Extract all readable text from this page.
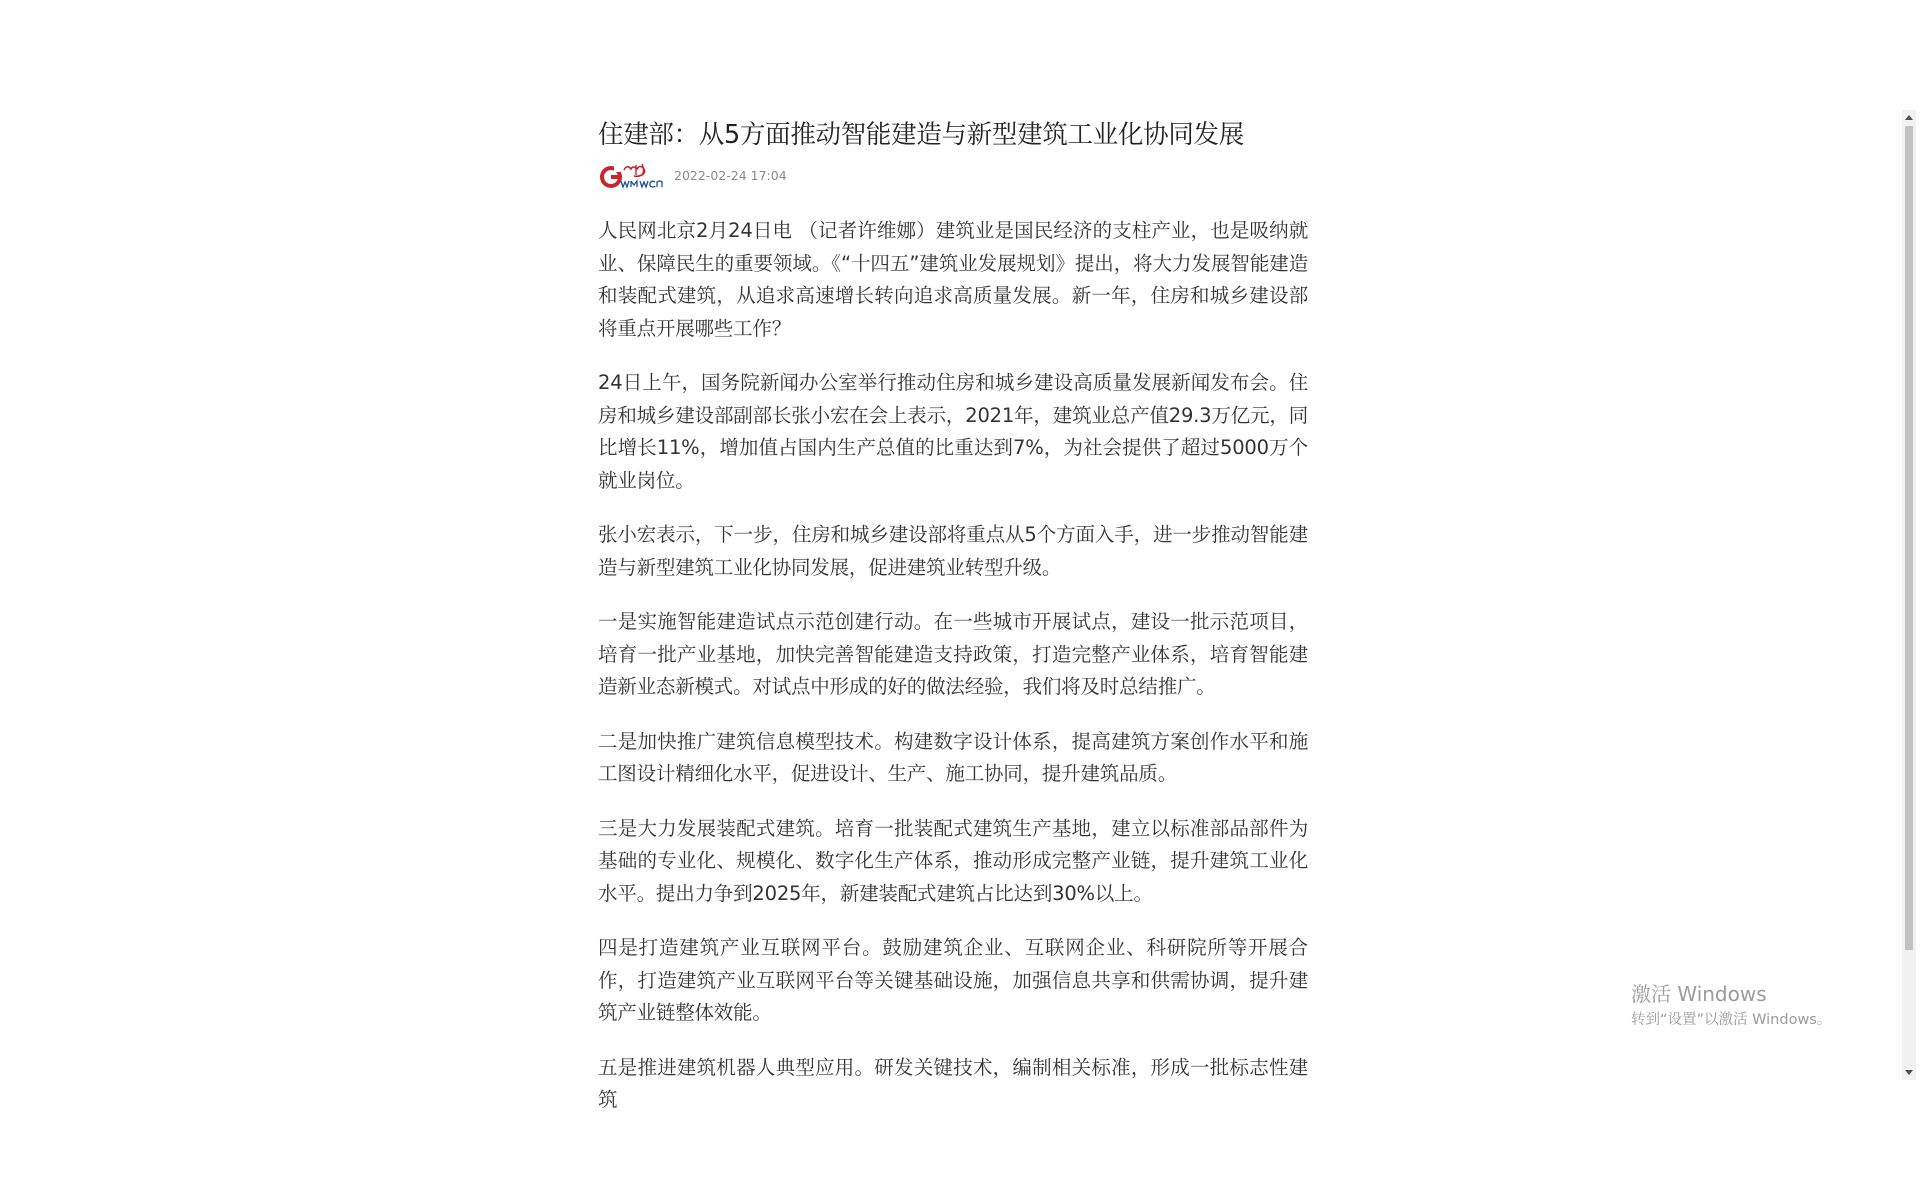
住建部：从5方面推动智能建造与新型建筑工业化协同发展
2022-02-24 17:04

人民网北京2月24日电 （记者许维娜）建筑业是国民经济的支柱产业，也是吸纳就业、保障民生的重要领域。《“十四五”建筑业发展规划》提出，将大力发展智能建造和装配式建筑，从追求高速增长转向追求高质量发展。新一年，住房和城乡建设部将重点开展哪些工作？

24日上午，国务院新闻办公室举行推动住房和城乡建设高质量发展新闻发布会。住房和城乡建设部副部长张小宏在会上表示，2021年，建筑业总产值29.3万亿元，同比增长11%，增加值占国内生产总值的比重达到7%，为社会提供了超过5000万个就业岗位。

张小宏表示，下一步，住房和城乡建设部将重点从5个方面入手，进一步推动智能建造与新型建筑工业化协同发展，促进建筑业转型升级。

一是实施智能建造试点示范创建行动。在一些城市开展试点，建设一批示范项目，培育一批产业基地，加快完善智能建造支持政策，打造完整产业体系，培育智能建造新业态新模式。对试点中形成的好的做法经验，我们将及时总结推广。

二是加快推广建筑信息模型技术。构建数字设计体系，提高建筑方案创作水平和施工图设计精细化水平，促进设计、生产、施工协同，提升建筑品质。

三是大力发展装配式建筑。培育一批装配式建筑生产基地，建立以标准部品部件为基础的专业化、规模化、数字化生产体系，推动形成完整产业链，提升建筑工业化水平。提出力争到2025年，新建装配式建筑占比达到30%以上。

四是打造建筑产业互联网平台。鼓励建筑企业、互联网企业、科研院所等开展合作，打造建筑产业互联网平台等关键基础设施，加强信息共享和供需协调，提升建筑产业链整体效能。

五是推进建筑机器人典型应用。研发关键技术，编制相关标准，形成一批标志性建筑

激活 Windows
转到“设置”以激活 Windows。
